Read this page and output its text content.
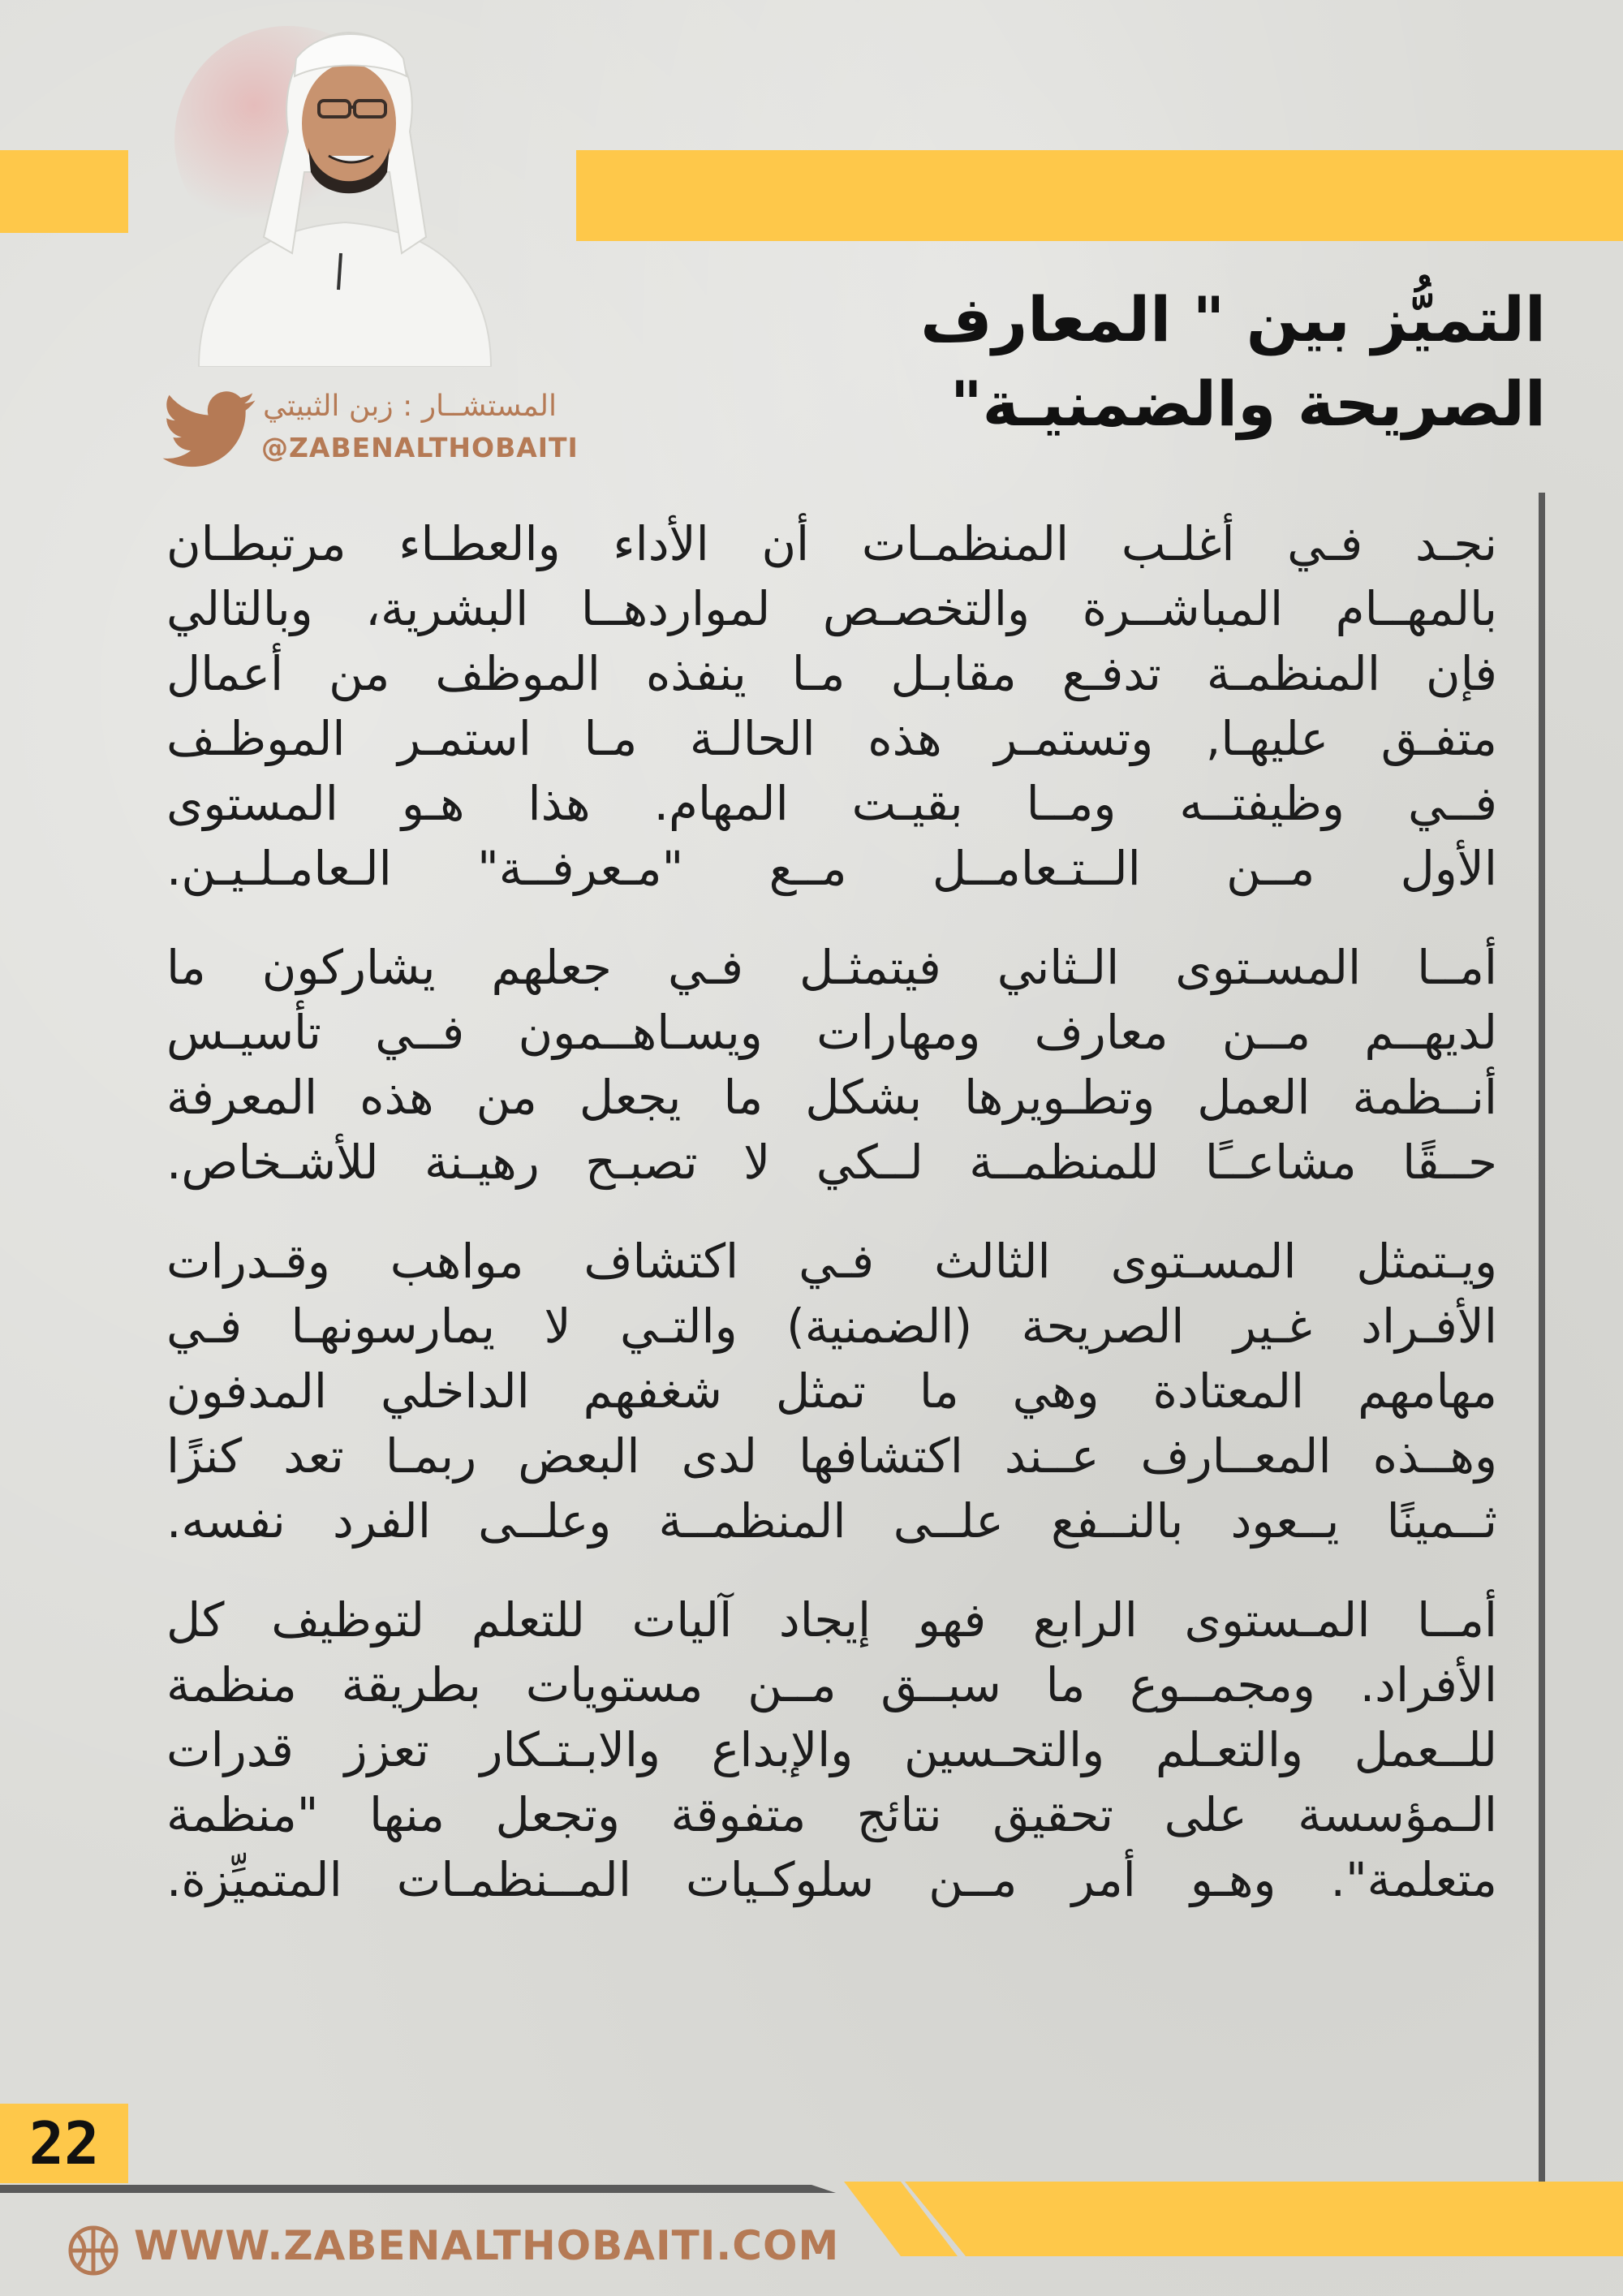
المستشــار : زبن الثبيتي
@ZABENALTHOBAITI
التميُّز بين " المعارف
الصريحة والضمنيـة"

نجـد فـي أغلـب المنظمـات أن الأداء والعطـاء مرتبطـان
بالمهــام المباشــرة والتخصـص لمواردهــا البشرية، وبالتالي
فإن المنظمـة تدفـع مقابـل مـا ينفذه الموظف من أعمال
متفـق عليهـا, وتستمـر هذه الحالـة مـا استمـر الموظـف
فــي وظيفتــه ومــا بقيـت المهام. هذا هـو المستوى
الأول مــن الــتـعامــل مــع "مـعرفــة" الـعامـلـيـن.

أمــا المسـتوى الـثاني فيتمثـل فـي جعلهم يشاركون ما
لديهــم مــن معارف ومهارات ويسـاهــمون فــي تأسيـس
أنــظمة العمل وتطـويرها بشكل ما يجعل من هذه المعرفة
حــقًا مشاعــًا للمنظمــة لــكي لا تصبـح رهيـنة للأشـخاص.

ويـتمثل المسـتوى الثالث فـي اكتشاف مواهب وقـدرات
الأفـراد غـير الصريحة (الضمنية) والتـي لا يمارسونهـا فـي
مهامهم المعتادة وهي ما تمثل شغفهم الداخلي المدفون
وهــذه المعــارف عــند اكتشافها لدى البعض ربمـا تعد كنزًا
ثــمينًا يــعود بالنــفع علــى المنظمــة وعلــى الفرد نفسه.

أمــا المـستوى الرابع فهو إيجاد آليات للتعلم لتوظيف كل
الأفراد. ومجمــوع ما سبــق مــن مستويات بطريقة منظمة
للــعمل والتعـلم والتحـسين والإبداع والابـتـكار تعزز قدرات
الـمؤسسة على تحقيق نتائج متفوقة وتجعل منها "منظمة
متعلمة". وهـو أمر مــن سلوكـيات المــنظمـات المتميِّزة.

22
WWW.ZABENALTHOBAITI.COM
